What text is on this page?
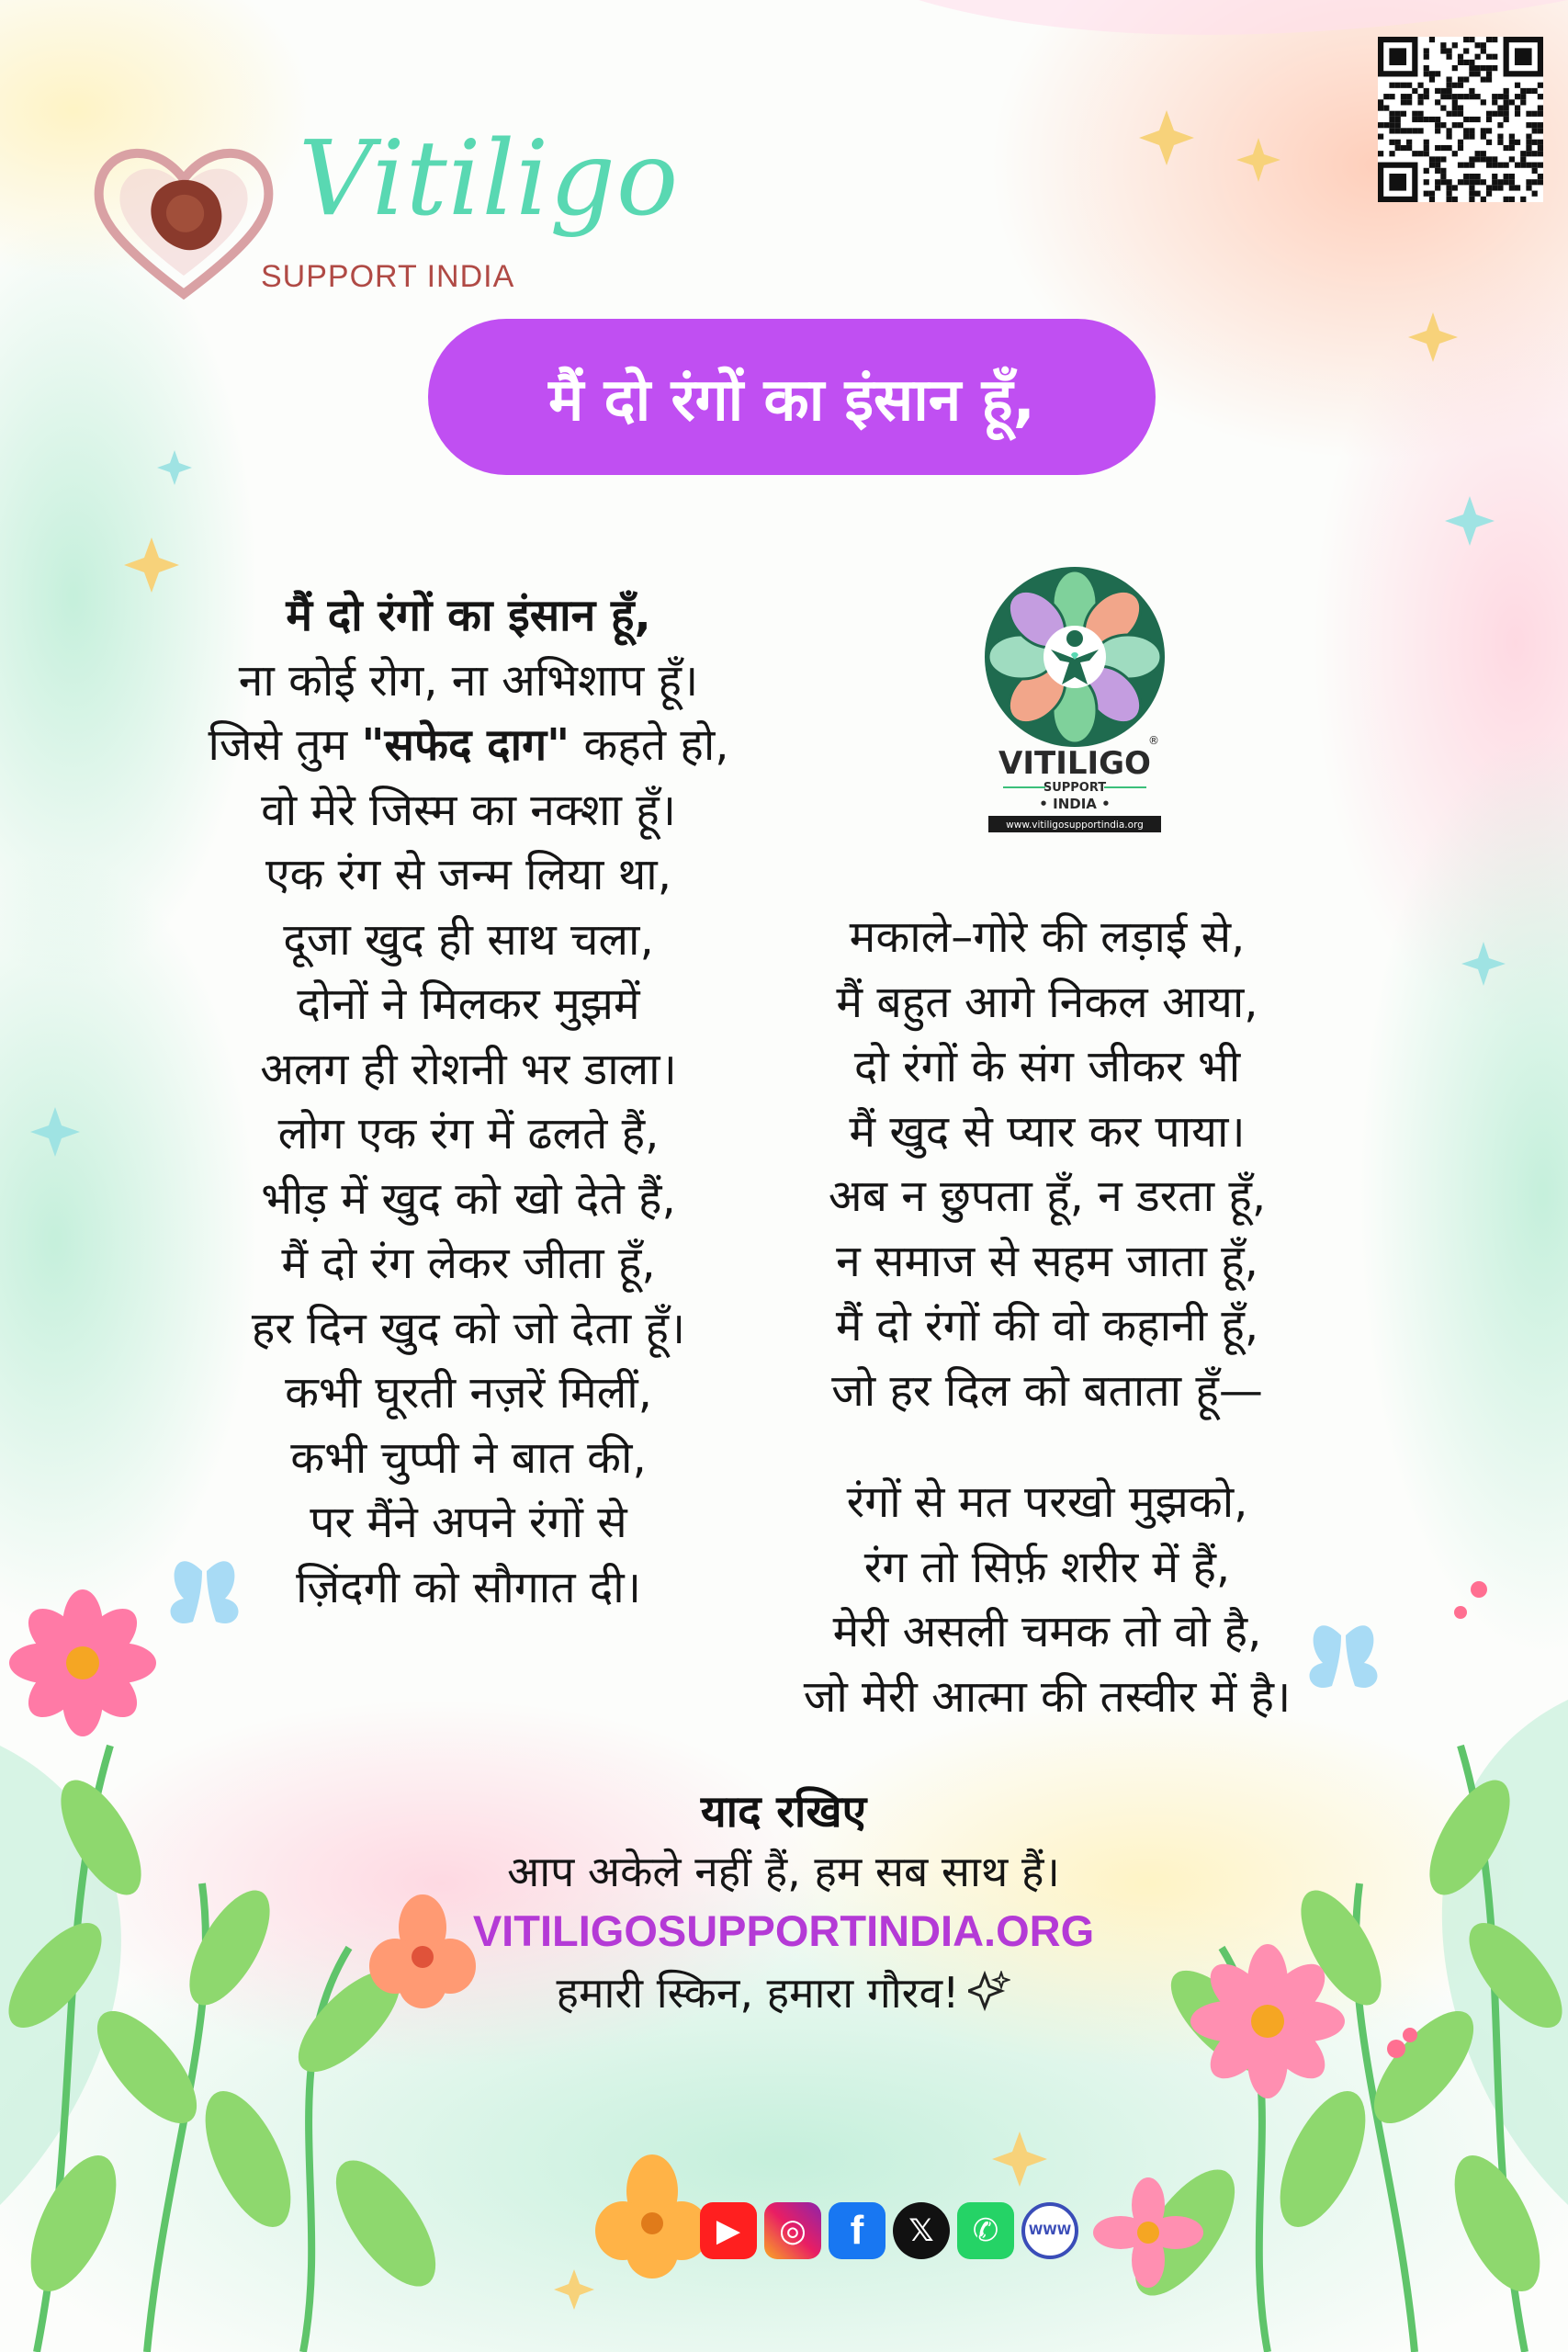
Vitiligo
SUPPORT INDIA
मैं दो रंगों का इंसान हूँ,
मैं दो रंगों का इंसान हूँ,
ना कोई रोग, ना अभिशाप हूँ।
जिसे तुम "सफेद दाग" कहते हो,
वो मेरे जिस्म का नक्शा हूँ।
एक रंग से जन्म लिया था,
दूजा खुद ही साथ चला,
दोनों ने मिलकर मुझमें
अलग ही रोशनी भर डाला।
लोग एक रंग में ढलते हैं,
भीड़ में खुद को खो देते हैं,
मैं दो रंग लेकर जीता हूँ,
हर दिन खुद को जो देता हूँ।
कभी घूरती नज़रें मिलीं,
कभी चुप्पी ने बात की,
पर मैंने अपने रंगों से
ज़िंदगी को सौगात दी।
®
VITILIGO
SUPPORT
• INDIA •
www.vitiligosupportindia.org
मकाले–गोरे की लड़ाई से,
मैं बहुत आगे निकल आया,
दो रंगों के संग जीकर भी
मैं खुद से प्यार कर पाया।
अब न छुपता हूँ, न डरता हूँ,
न समाज से सहम जाता हूँ,
मैं दो रंगों की वो कहानी हूँ,
जो हर दिल को बताता हूँ—
रंगों से मत परखो मुझको,
रंग तो सिर्फ़ शरीर में हैं,
मेरी असली चमक तो वो है,
जो मेरी आत्मा की तस्वीर में है।
याद रखिए
आप अकेले नहीं हैं, हम सब साथ हैं।
VITILIGOSUPPORTINDIA.ORG
हमारी स्किन, हमारा गौरव!
▶	◎	f	𝕏	✆	WWW
